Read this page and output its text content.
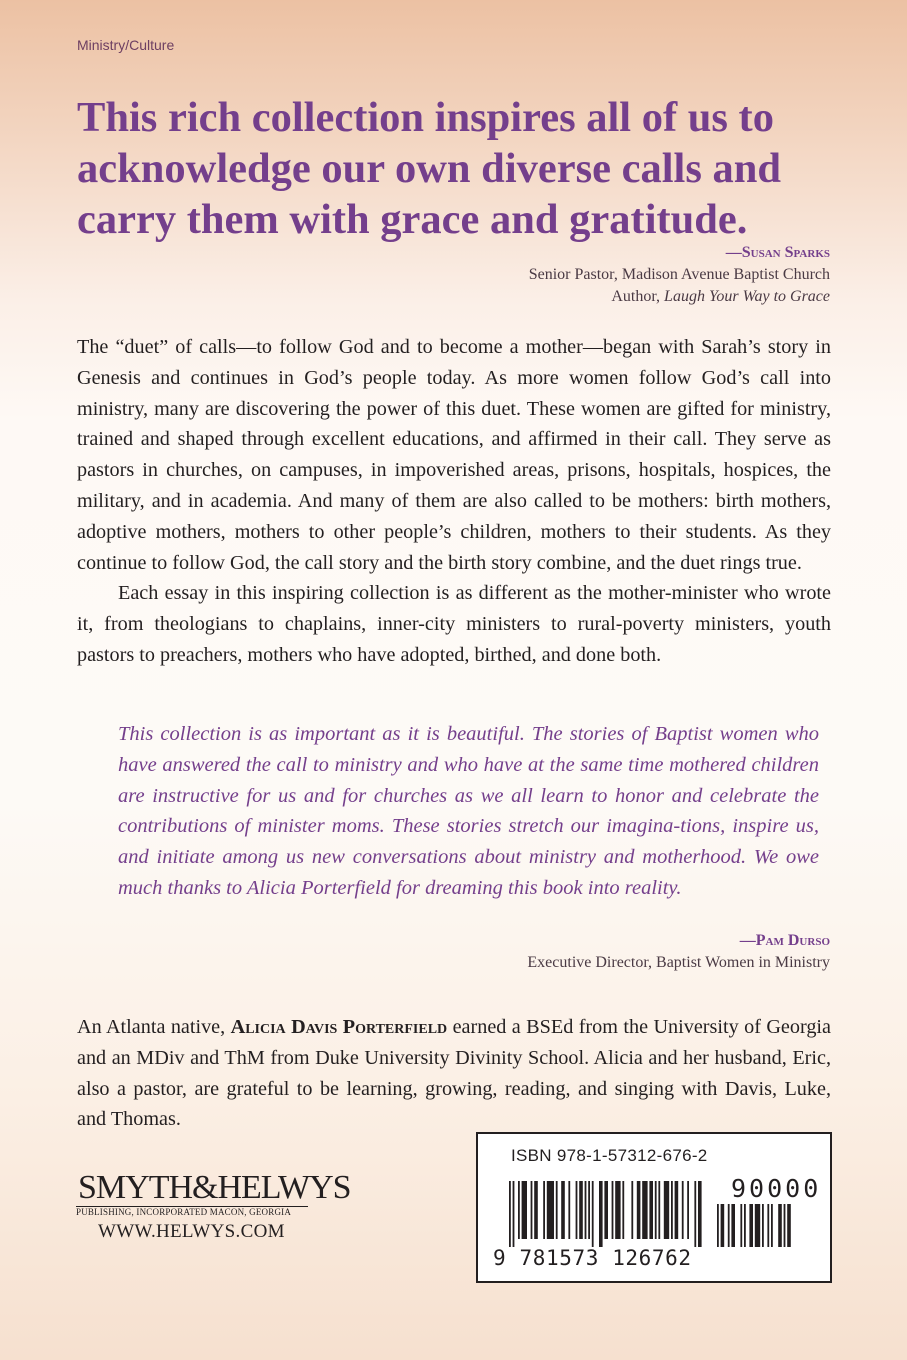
Ministry/Culture
This rich collection inspires all of us to acknowledge our own diverse calls and carry them with grace and gratitude.
—Susan Sparks
Senior Pastor, Madison Avenue Baptist Church
Author, Laugh Your Way to Grace

The “duet” of calls—to follow God and to become a mother—began with Sarah’s story in Genesis and continues in God’s people today. As more women follow God’s call into ministry, many are discovering the power of this duet. These women are gifted for ministry, trained and shaped through excellent educations, and affirmed in their call. They serve as pastors in churches, on campuses, in impoverished areas, prisons, hospitals, hospices, the military, and in academia. And many of them are also called to be mothers: birth mothers, adoptive mothers, mothers to other people’s children, mothers to their students. As they continue to follow God, the call story and the birth story combine, and the duet rings true.

Each essay in this inspiring collection is as different as the mother-minister who wrote it, from theologians to chaplains, inner-city ministers to rural-poverty ministers, youth pastors to preachers, mothers who have adopted, birthed, and done both.

This collection is as important as it is beautiful. The stories of Baptist women who have answered the call to ministry and who have at the same time mothered children are instructive for us and for churches as we all learn to honor and celebrate the contributions of minister moms. These stories stretch our imagina-tions, inspire us, and initiate among us new conversations about ministry and motherhood. We owe much thanks to Alicia Porterfield for dreaming this book into reality.

—Pam Durso
Executive Director, Baptist Women in Ministry

An Atlanta native, Alicia Davis Porterfield earned a BSEd from the University of Georgia and an MDiv and ThM from Duke University Divinity School. Alicia and her husband, Eric, also a pastor, are grateful to be learning, growing, reading, and singing with Davis, Luke, and Thomas.

SMYTH&HELWYS
PUBLISHING, INCORPORATED MACON, GEORGIA
WWW.HELWYS.COM
ISBN 978-1-57312-676-2
90000
9 781573 126762
